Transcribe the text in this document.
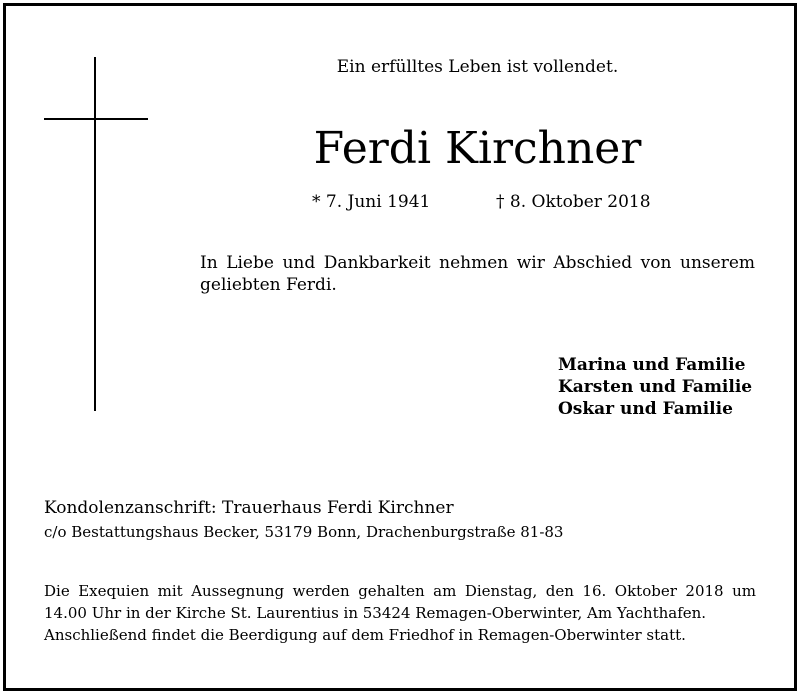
Ein erfülltes Leben ist vollendet.
Ferdi Kirchner
* 7. Juni 1941	† 8. Oktober 2018
In Liebe und Dankbarkeit nehmen wir Abschied von unserem
geliebten Ferdi.
Marina und Familie
Karsten und Familie
Oskar und Familie
Kondolenzanschrift: Trauerhaus Ferdi Kirchner
c/o Bestattungshaus Becker, 53179 Bonn, Drachenburgstraße 81-83
Die Exequien mit Aussegnung werden gehalten am Dienstag, den 16. Oktober 2018 um
14.00 Uhr in der Kirche St. Laurentius in 53424 Remagen-Oberwinter, Am Yachthafen.
Anschließend findet die Beerdigung auf dem Friedhof in Remagen-Oberwinter statt.
